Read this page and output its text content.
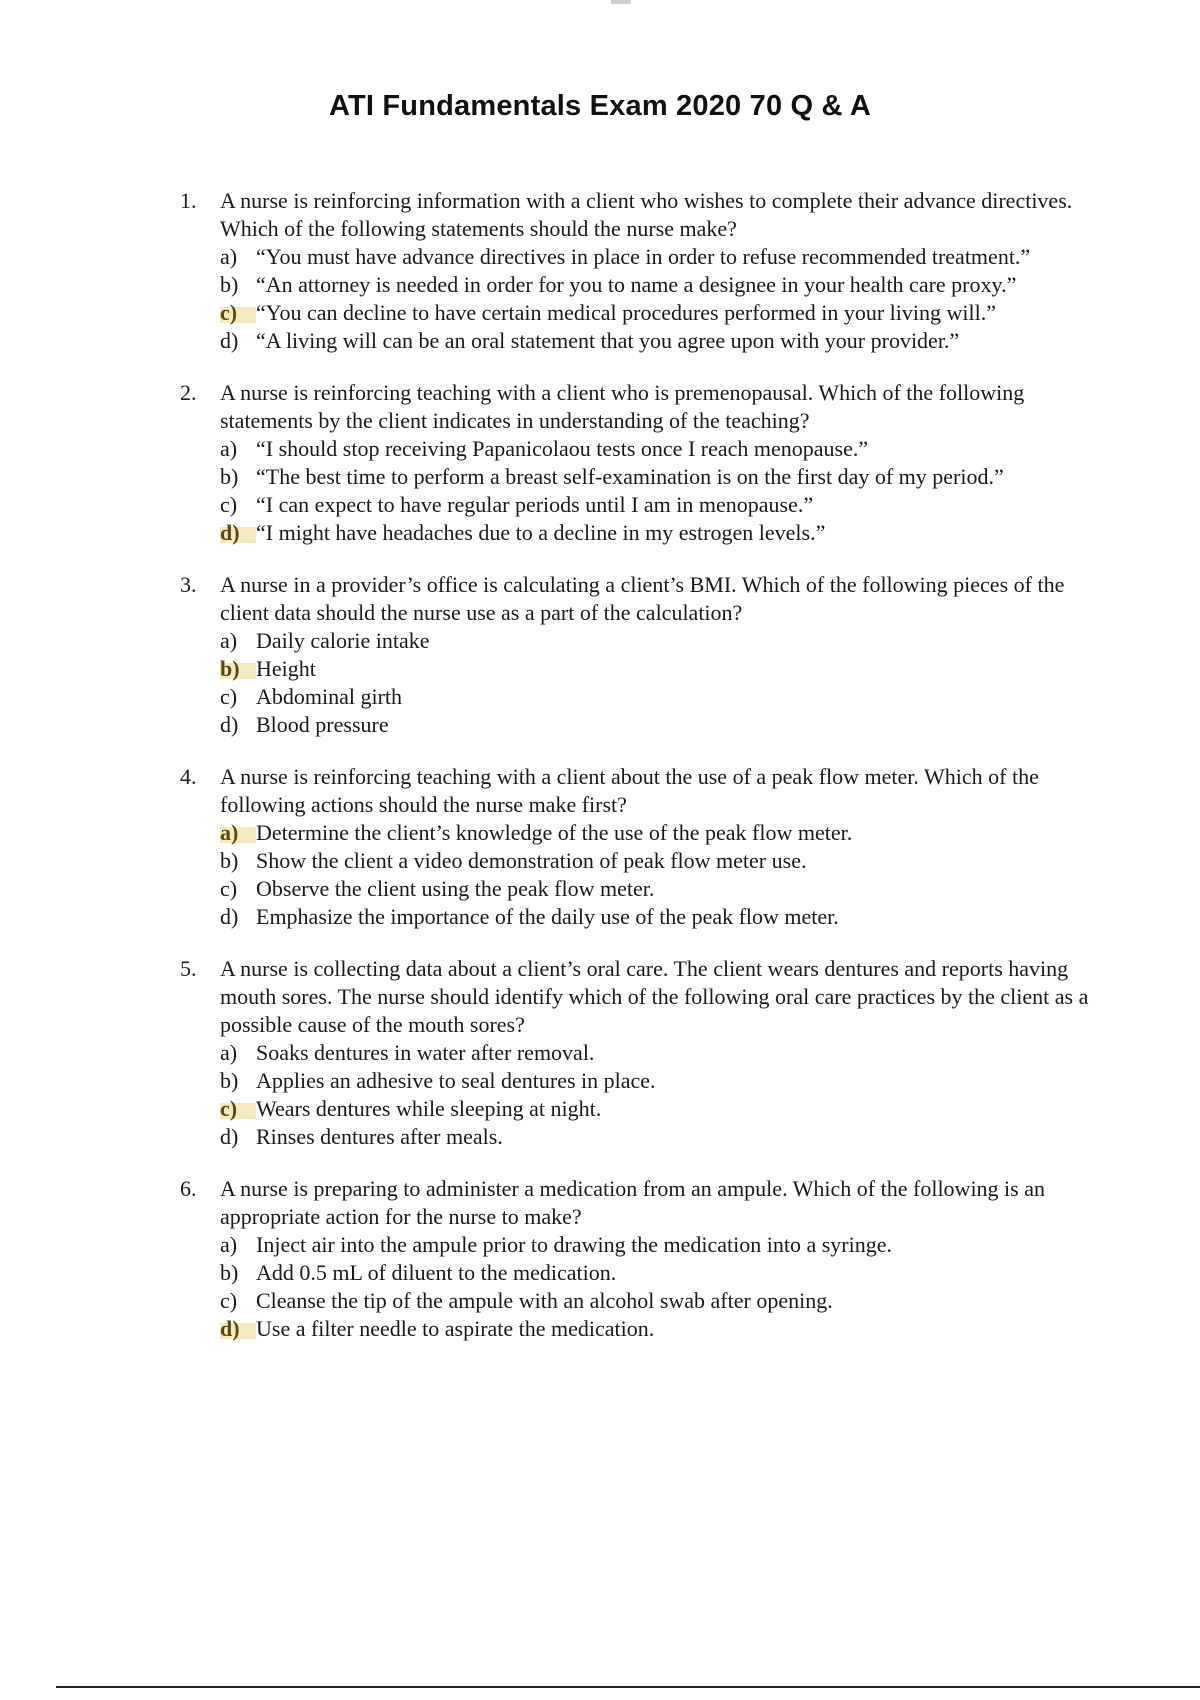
ATI Fundamentals Exam 2020 70 Q & A
1.	A nurse is reinforcing information with a client who wishes to complete their advance directives. Which of the following statements should the nurse make?
a) “You must have advance directives in place in order to refuse recommended treatment.”
b) “An attorney is needed in order for you to name a designee in your health care proxy.”
c) “You can decline to have certain medical procedures performed in your living will.”
d) “A living will can be an oral statement that you agree upon with your provider.”
2.	A nurse is reinforcing teaching with a client who is premenopausal. Which of the following statements by the client indicates in understanding of the teaching?
a) “I should stop receiving Papanicolaou tests once I reach menopause.”
b) “The best time to perform a breast self-examination is on the first day of my period.”
c) “I can expect to have regular periods until I am in menopause.”
d) “I might have headaches due to a decline in my estrogen levels.”
3.	A nurse in a provider’s office is calculating a client’s BMI. Which of the following pieces of the client data should the nurse use as a part of the calculation?
a) Daily calorie intake
b) Height
c) Abdominal girth
d) Blood pressure
4.	A nurse is reinforcing teaching with a client about the use of a peak flow meter. Which of the following actions should the nurse make first?
a) Determine the client’s knowledge of the use of the peak flow meter.
b) Show the client a video demonstration of peak flow meter use.
c) Observe the client using the peak flow meter.
d) Emphasize the importance of the daily use of the peak flow meter.
5.	A nurse is collecting data about a client’s oral care. The client wears dentures and reports having mouth sores. The nurse should identify which of the following oral care practices by the client as a possible cause of the mouth sores?
a) Soaks dentures in water after removal.
b) Applies an adhesive to seal dentures in place.
c) Wears dentures while sleeping at night.
d) Rinses dentures after meals.
6.	A nurse is preparing to administer a medication from an ampule. Which of the following is an appropriate action for the nurse to make?
a) Inject air into the ampule prior to drawing the medication into a syringe.
b) Add 0.5 mL of diluent to the medication.
c) Cleanse the tip of the ampule with an alcohol swab after opening.
d) Use a filter needle to aspirate the medication.
